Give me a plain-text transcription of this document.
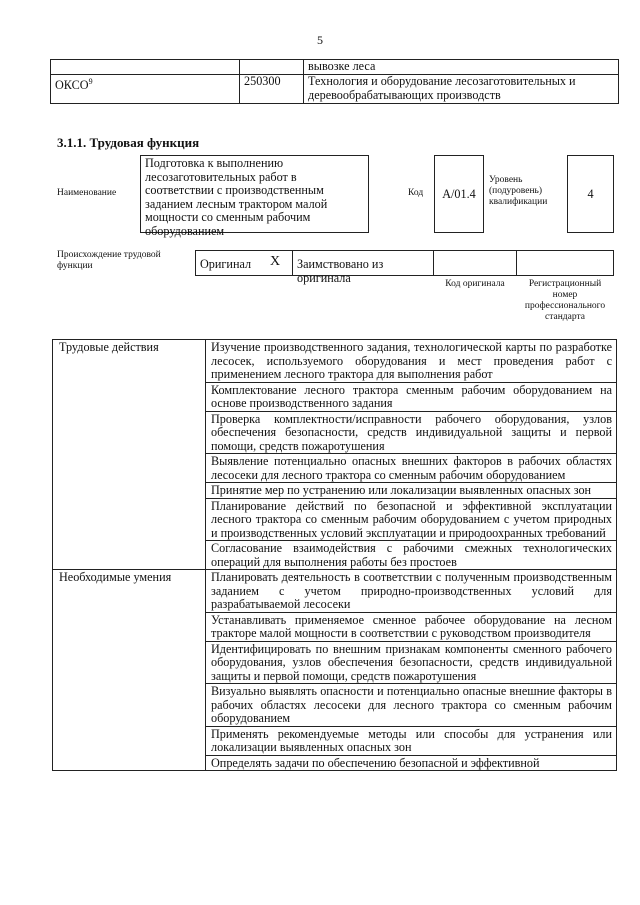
5
		вывозке леса
ОКСО$^9$	250300	Технология и оборудование лесозаготовительных и деревообрабатывающих производств
3.1.1. Трудовая функция
Наименование
Подготовка к выполнению лесозаготовительных работ в соответствии с производственным заданием лесным трактором малой мощности со сменным рабочим оборудованием
Код	A/01.4
Уровень (подуровень) квалификации
4
Происхождение трудовой функции	Оригинал X	Заимствовано из оригинала	Код оригинала	Регистрационный номер профессионального стандарта
Трудовые действия	Изучение производственного задания, технологической карты по разработке лесосек, используемого оборудования и мест проведения работ с применением лесного трактора для выполнения работ
	Комплектование лесного трактора сменным рабочим оборудованием на основе производственного задания
	Проверка комплектности/исправности рабочего оборудования, узлов обеспечения безопасности, средств индивидуальной защиты и первой помощи, средств пожаротушения
	Выявление потенциально опасных внешних факторов в рабочих областях лесосеки для лесного трактора со сменным рабочим оборудованием
	Принятие мер по устранению или локализации выявленных опасных зон
	Планирование действий по безопасной и эффективной эксплуатации лесного трактора со сменным рабочим оборудованием с учетом природных и производственных условий эксплуатации и природоохранных требований
	Согласование взаимодействия с рабочими смежных технологических операций для выполнения работы без простоев
Необходимые умения	Планировать деятельность в соответствии с полученным производственным заданием с учетом природно-производственных условий для разрабатываемой лесосеки
	Устанавливать применяемое сменное рабочее оборудование на лесном тракторе малой мощности в соответствии с руководством производителя
	Идентифицировать по внешним признакам компоненты сменного рабочего оборудования, узлов обеспечения безопасности, средств индивидуальной защиты и первой помощи, средств пожаротушения
	Визуально выявлять опасности и потенциально опасные внешние факторы в рабочих областях лесосеки для лесного трактора со сменным рабочим оборудованием
	Применять рекомендуемые методы или способы для устранения или локализации выявленных опасных зон
	Определять задачи по обеспечению безопасной и эффективной
